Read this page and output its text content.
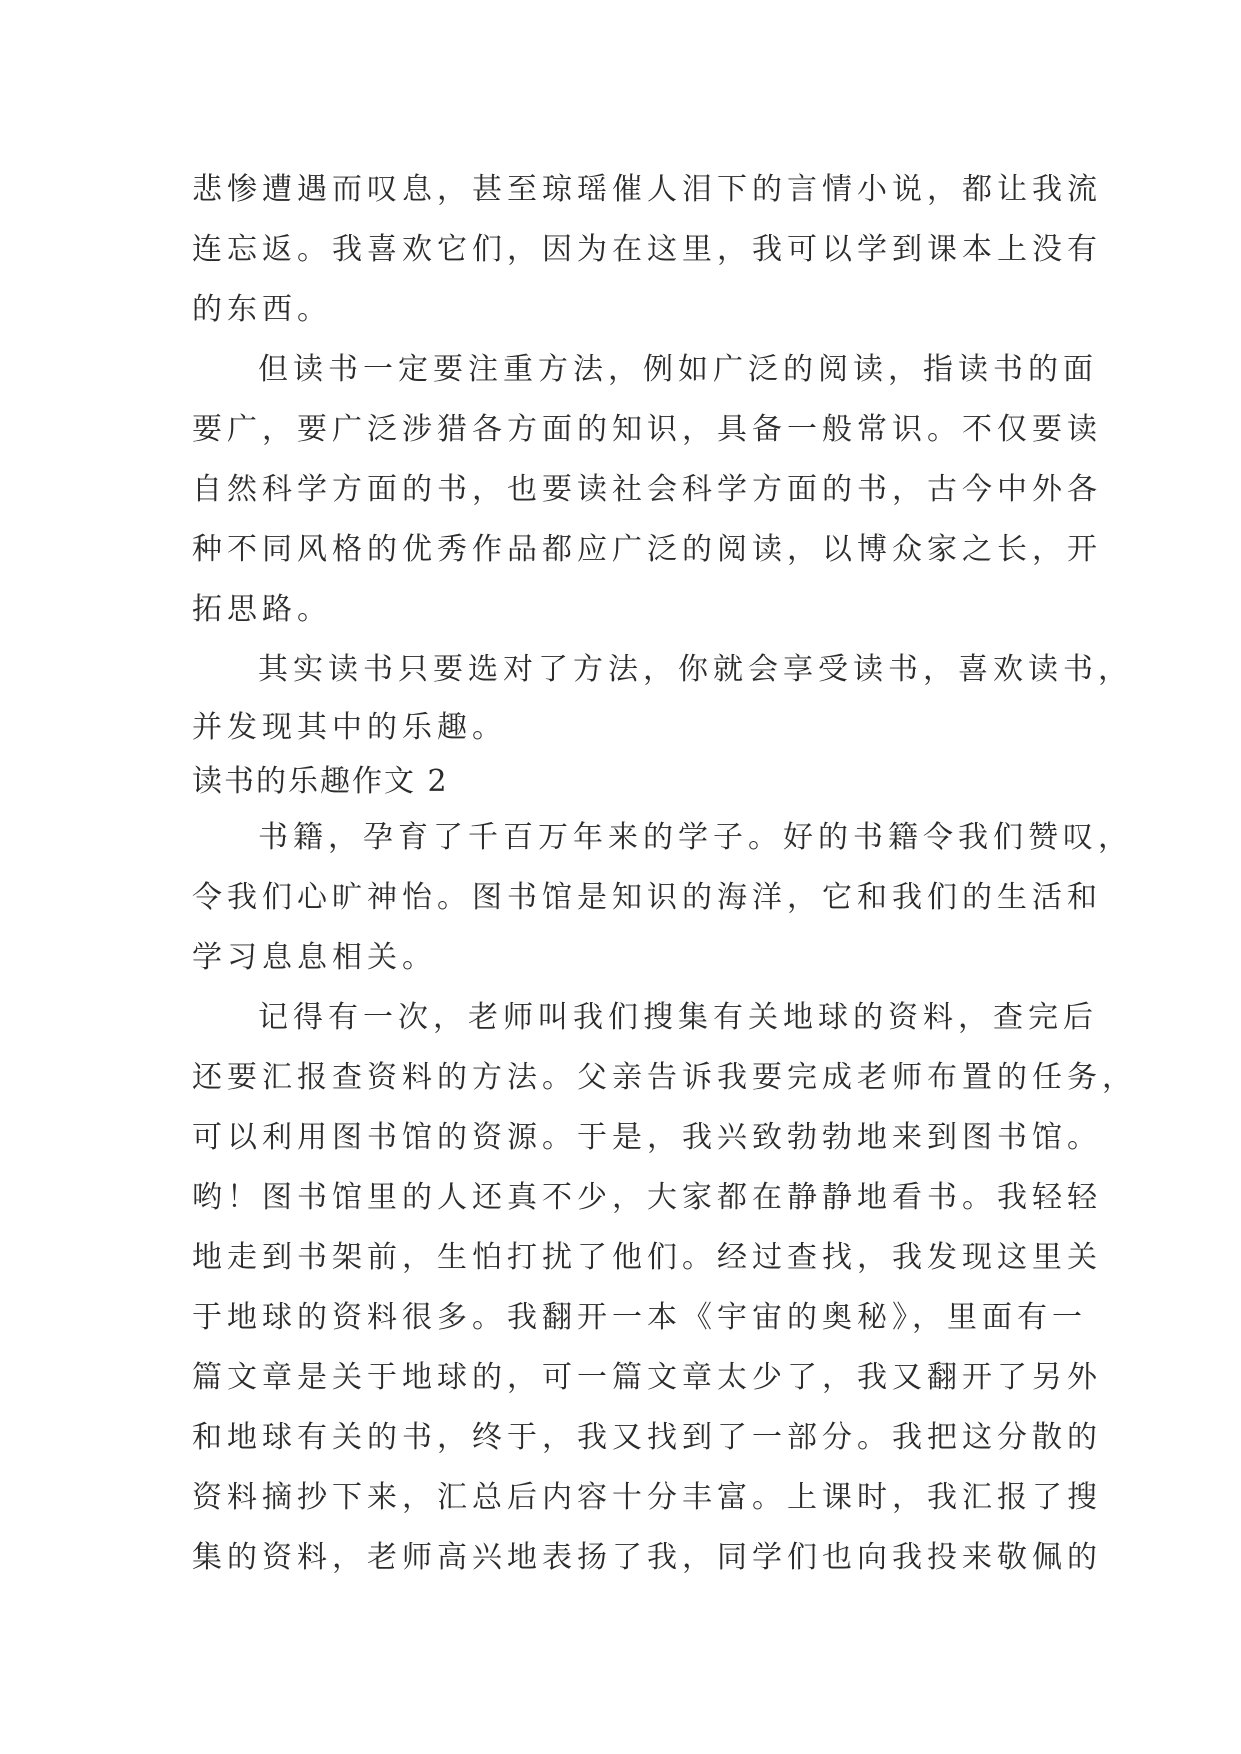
悲惨遭遇而叹息，甚至琼瑶催人泪下的言情小说，都让我流
连忘返。我喜欢它们，因为在这里，我可以学到课本上没有
的东西。
但读书一定要注重方法，例如广泛的阅读，指读书的面
要广，要广泛涉猎各方面的知识，具备一般常识。不仅要读
自然科学方面的书，也要读社会科学方面的书，古今中外各
种不同风格的优秀作品都应广泛的阅读，以博众家之长，开
拓思路。
其实读书只要选对了方法，你就会享受读书，喜欢读书，
并发现其中的乐趣。
读书的乐趣作文 2
书籍，孕育了千百万年来的学子。好的书籍令我们赞叹，
令我们心旷神怡。图书馆是知识的海洋，它和我们的生活和
学习息息相关。
记得有一次，老师叫我们搜集有关地球的资料，查完后
还要汇报查资料的方法。父亲告诉我要完成老师布置的任务，
可以利用图书馆的资源。于是，我兴致勃勃地来到图书馆。
哟！图书馆里的人还真不少，大家都在静静地看书。我轻轻
地走到书架前，生怕打扰了他们。经过查找，我发现这里关
于地球的资料很多。我翻开一本《宇宙的奥秘》，里面有一
篇文章是关于地球的，可一篇文章太少了，我又翻开了另外
和地球有关的书，终于，我又找到了一部分。我把这分散的
资料摘抄下来，汇总后内容十分丰富。上课时，我汇报了搜
集的资料，老师高兴地表扬了我，同学们也向我投来敬佩的
